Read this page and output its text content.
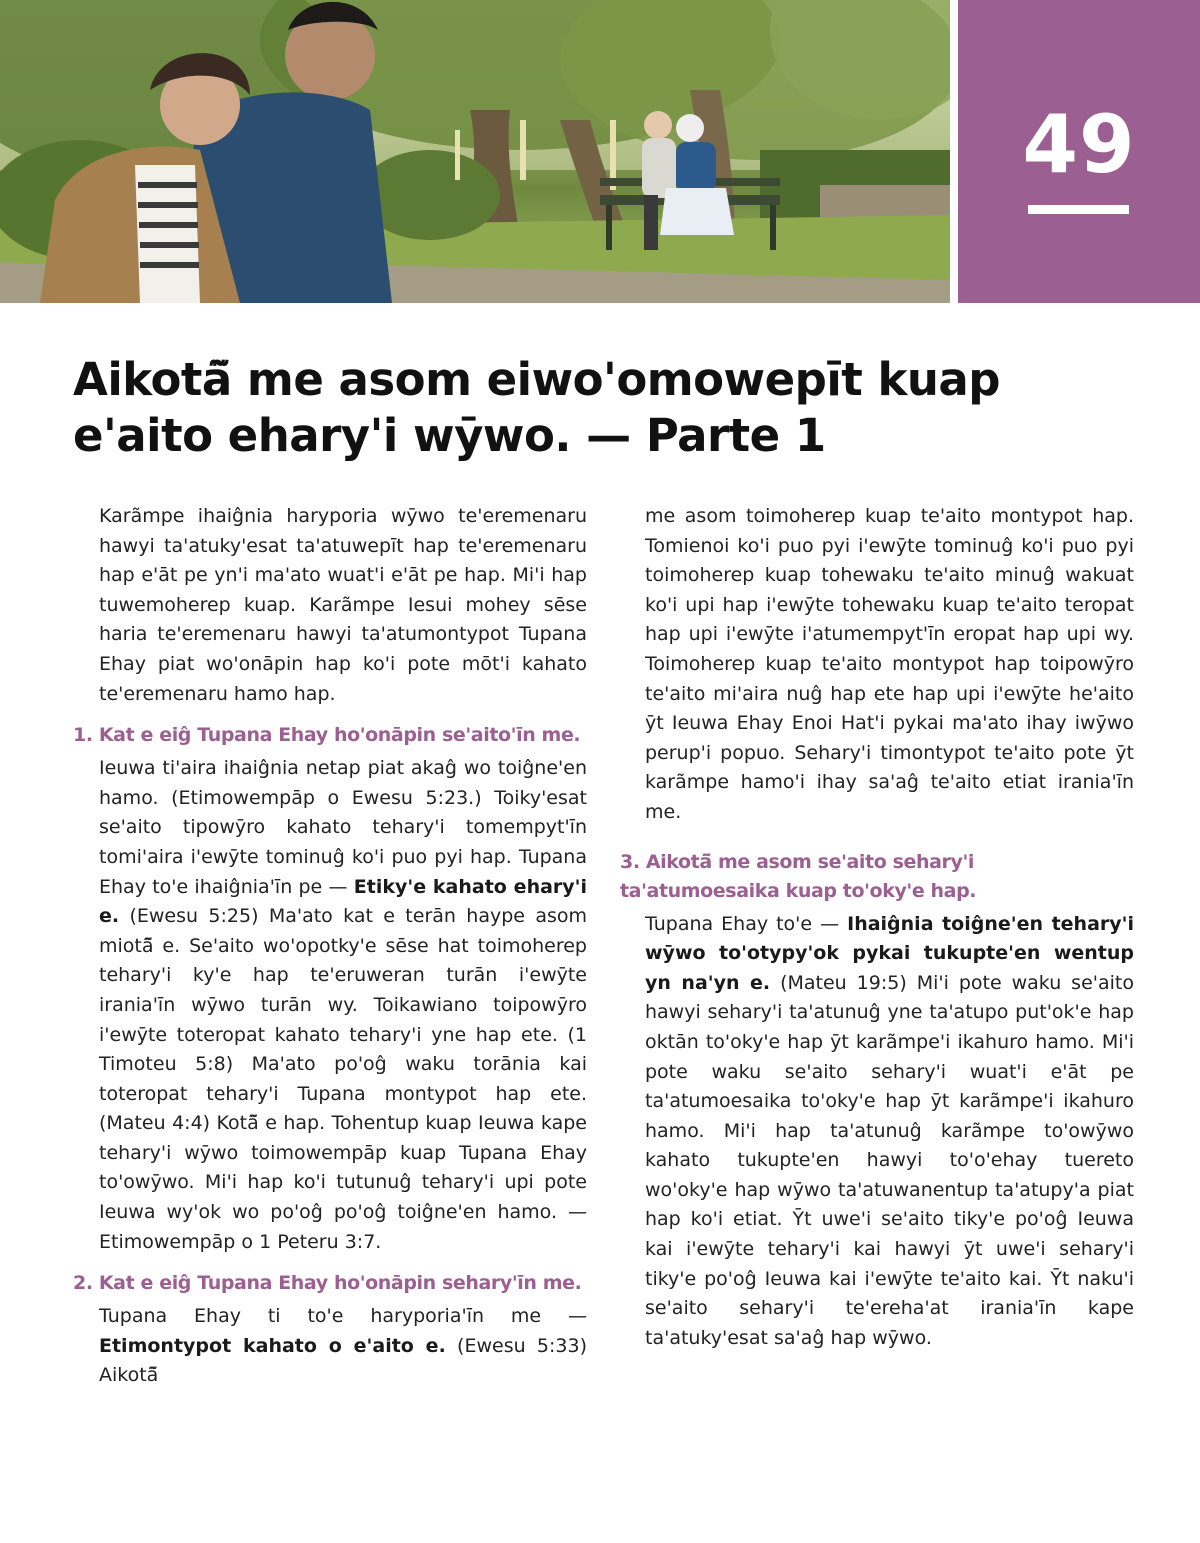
49
Aikotã̃ me asom eiwo'omowepīt kuap e'aito ehary'i wȳwo. — Parte 1

Karãmpe ihaiĝnia haryporia wȳwo te'eremenaru hawyi ta'atuky'esat ta'atuwepīt hap te'eremenaru hap e'āt pe yn'i ma'ato wuat'i e'āt pe hap. Mi'i hap tuwemoherep kuap. Karãmpe Iesui mohey sēse haria te'eremenaru hawyi ta'atumontypot Tupana Ehay piat wo'onāpin hap ko'i pote mōt'i kahato te'eremenaru hamo hap.

1. Kat e eiĝ Tupana Ehay ho'onāpin se'aito'īn me.

Ieuwa ti'aira ihaiĝnia netap piat akaĝ wo toiĝne'en hamo. (Etimowempāp o Ewesu 5:23.) Toiky'esat se'aito tipowȳro kahato tehary'i tomempyt'īn tomi'aira i'ewȳte tominuĝ ko'i puo pyi hap. Tupana Ehay to'e ihaiĝnia'īn pe — Etiky'e kahato ehary'i e. (Ewesu 5:25) Ma'ato kat e terān haype asom miotã̃ e. Se'aito wo'opotky'e sēse hat toimoherep tehary'i ky'e hap te'eruweran turān i'ewȳte irania'īn wȳwo turān wy. Toikawiano toipowȳro i'ewȳte toteropat kahato tehary'i yne hap ete. (1 Timoteu 5:8) Ma'ato po'oĝ waku torānia kai toteropat tehary'i Tupana montypot hap ete. (Mateu 4:4) Kotã̃ e hap. Tohentup kuap Ieuwa kape tehary'i wȳwo toimowempāp kuap Tupana Ehay to'owȳwo. Mi'i hap ko'i tutunuĝ tehary'i upi pote Ieuwa wy'ok wo po'oĝ po'oĝ toiĝne'en hamo. — Etimowempāp o 1 Peteru 3:7.

2. Kat e eiĝ Tupana Ehay ho'onāpin sehary'īn me.

Tupana Ehay ti to'e haryporia'īn me — Etimontypot kahato o e'aito e. (Ewesu 5:33) Aikotã̃

me asom toimoherep kuap te'aito montypot hap. Tomienoi ko'i puo pyi i'ewȳte tominuĝ ko'i puo pyi toimoherep kuap tohewaku te'aito minuĝ wakuat ko'i upi hap i'ewȳte tohewaku kuap te'aito teropat hap upi i'ewȳte i'atumempyt'īn eropat hap upi wy. Toimoherep kuap te'aito montypot hap toipowȳro te'aito mi'aira nuĝ hap ete hap upi i'ewȳte he'aito ȳt Ieuwa Ehay Enoi Hat'i pykai ma'ato ihay iwȳwo perup'i popuo. Sehary'i timontypot te'aito pote ȳt karãmpe hamo'i ihay sa'aĝ te'aito etiat irania'īn me.

3. Aikotã̃ me asom se'aito sehary'i ta'atumoesaika kuap to'oky'e hap.

Tupana Ehay to'e — Ihaiĝnia toiĝne'en tehary'i wȳwo to'otypy'ok pykai tukupte'en wentup yn na'yn e. (Mateu 19:5) Mi'i pote waku se'aito hawyi sehary'i ta'atunuĝ yne ta'atupo put'ok'e hap oktān to'oky'e hap ȳt karãmpe'i ikahuro hamo. Mi'i pote waku se'aito sehary'i wuat'i e'āt pe ta'atumoesaika to'oky'e hap ȳt karãmpe'i ikahuro hamo. Mi'i hap ta'atunuĝ karãmpe to'owȳwo kahato tukupte'en hawyi to'o'ehay tuereto wo'oky'e hap wȳwo ta'atuwanentup ta'atupy'a piat hap ko'i etiat. Ȳt uwe'i se'aito tiky'e po'oĝ Ieuwa kai i'ewȳte tehary'i kai hawyi ȳt uwe'i sehary'i tiky'e po'oĝ Ieuwa kai i'ewȳte te'aito kai. Ȳt naku'i se'aito sehary'i te'ereha'at irania'īn kape ta'atuky'esat sa'aĝ hap wȳwo.
